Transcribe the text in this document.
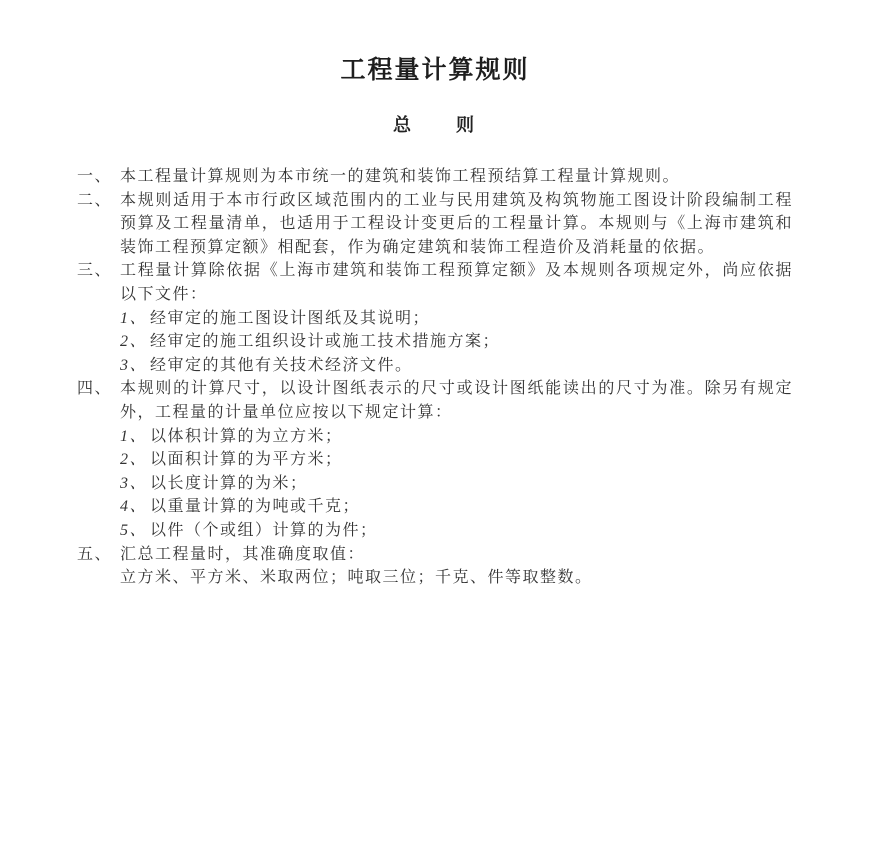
工程量计算规则
总　　则
一、 本工程量计算规则为本市统一的建筑和装饰工程预结算工程量计算规则。
二、 本规则适用于本市行政区域范围内的工业与民用建筑及构筑物施工图设计阶段编制工程预算及工程量清单，也适用于工程设计变更后的工程量计算。本规则与《上海市建筑和装饰工程预算定额》相配套，作为确定建筑和装饰工程造价及消耗量的依据。
三、 工程量计算除依据《上海市建筑和装饰工程预算定额》及本规则各项规定外，尚应依据以下文件：
1、 经审定的施工图设计图纸及其说明；
2、 经审定的施工组织设计或施工技术措施方案；
3、 经审定的其他有关技术经济文件。
四、 本规则的计算尺寸，以设计图纸表示的尺寸或设计图纸能读出的尺寸为准。除另有规定外，工程量的计量单位应按以下规定计算：
1、 以体积计算的为立方米；
2、 以面积计算的为平方米；
3、 以长度计算的为米；
4、 以重量计算的为吨或千克；
5、 以件（个或组）计算的为件；
五、 汇总工程量时，其准确度取值：
立方米、平方米、米取两位；吨取三位；千克、件等取整数。
